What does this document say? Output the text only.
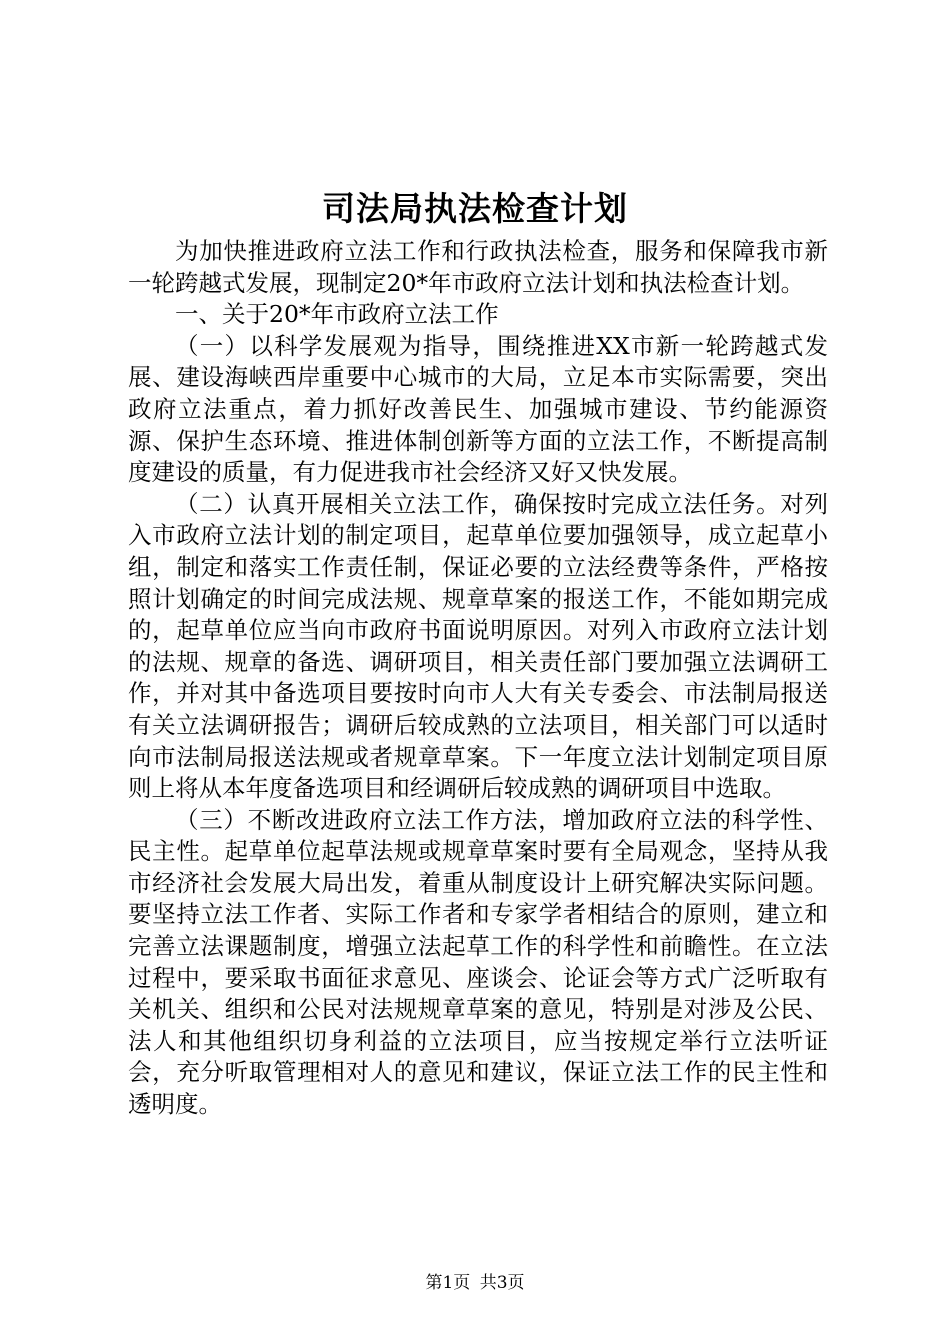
司法局执法检查计划

为加快推进政府立法工作和行政执法检查，服务和保障我市新一轮跨越式发展，现制定20*年市政府立法计划和执法检查计划。

一、关于20*年市政府立法工作

（一）以科学发展观为指导，围绕推进XX市新一轮跨越式发展、建设海峡西岸重要中心城市的大局，立足本市实际需要，突出政府立法重点，着力抓好改善民生、加强城市建设、节约能源资源、保护生态环境、推进体制创新等方面的立法工作，不断提高制度建设的质量，有力促进我市社会经济又好又快发展。

（二）认真开展相关立法工作，确保按时完成立法任务。对列入市政府立法计划的制定项目，起草单位要加强领导，成立起草小组，制定和落实工作责任制，保证必要的立法经费等条件，严格按照计划确定的时间完成法规、规章草案的报送工作，不能如期完成的，起草单位应当向市政府书面说明原因。对列入市政府立法计划的法规、规章的备选、调研项目，相关责任部门要加强立法调研工作，并对其中备选项目要按时向市人大有关专委会、市法制局报送有关立法调研报告；调研后较成熟的立法项目，相关部门可以适时向市法制局报送法规或者规章草案。下一年度立法计划制定项目原则上将从本年度备选项目和经调研后较成熟的调研项目中选取。

（三）不断改进政府立法工作方法，增加政府立法的科学性、民主性。起草单位起草法规或规章草案时要有全局观念，坚持从我市经济社会发展大局出发，着重从制度设计上研究解决实际问题。要坚持立法工作者、实际工作者和专家学者相结合的原则，建立和完善立法课题制度，增强立法起草工作的科学性和前瞻性。在立法过程中，要采取书面征求意见、座谈会、论证会等方式广泛听取有关机关、组织和公民对法规规章草案的意见，特别是对涉及公民、法人和其他组织切身利益的立法项目，应当按规定举行立法听证会，充分听取管理相对人的意见和建议，保证立法工作的民主性和透明度。

第1页 共3页
